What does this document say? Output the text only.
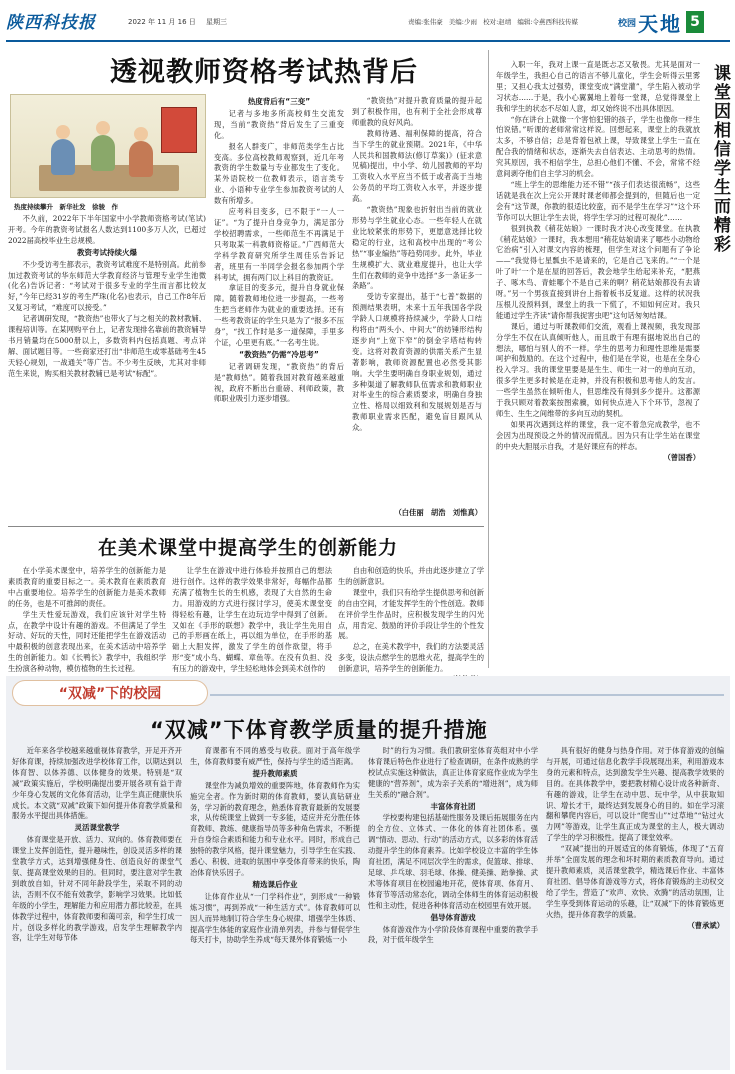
陕西科技报	2022 年 11 月 16 日 星期三	责编:张伟豪 美编:少雨 校对:赵靖 编辑:令燕西科技传媒	校园 天地 5
透视教师资格考试热背后
热度持续攀升　新华社发　徐骏　作

不久前，2022年下半年国家中小学教师资格考试(笔试)开考。今年的教资考试报名人数达到1100多万人次，已超过2022届高校毕业生总规模。

教资考试持续火爆

不少受访考生都表示，教资考试难度不是特别高。此前参加过教资考试的华东师范大学教育经济与管理专业学生池微(化名)告诉记者：“考试对于很多专业的学生而言都比较友好，”今年已经31岁的考生严珠(化名)也表示，自己工作8年后又复习考试，“难度可以接受。”

记者调研发现，“教资热”也带火了与之相关的教材教辅、课程培训等。在某网购平台上，记者发现排名靠前的教资辅导书月销量均在5000册以上，多数资料内包括真题、考点详解、面试题目等。一些商家还打出“非师范生或零基础考生45天轻心规划，一战通关”等广告。不少考生反映，尤其对非师范生来说，购买相关教材教辅已是考试“标配”。

热度背后有“三变”

记者与多地多所高校师生交流发现，当前“教资热”背后发生了三重变化。

报名人群变广，非师范类学生占比变高。多位高校教师观察到，近几年考教资的学生数量与专业都发生了变化。某外语院校一位教师表示，语言类专业、小语种专业学生参加教资考试的人数有所增多。

应考科目变多，已不限于“一人一证”。“为了提升自身竞争力，满足部分学校招聘需求，一些师范生不再满足于只考取某一科教师资格证。”广西师范大学科学教育研究所学生周佳乐告诉记者，班里有一半同学会报名参加两个学科考试，拥有两门以上科目的教资证。

拿证目的变多元，提升自身就业保障。随着教师地位进一步提高，一些考生把当老师作为就业的重要选择。还有一些考教资证的学生只是为了“报多不压身”，“找工作时是多一道保障，手里多个证，心里更有底。”一名考生说。

“教资热”仍需“冷思考”

记者调研发现，“教资热”的背后是“教师热”。随着我国对教育越来越重视，政府不断出台重磅、利师政策，教师职业吸引力逐步增强。

“教资热”对提升教育质量的提升起到了积极作用，也有利于全社会形成尊师重教的良好风尚。

教师待遇、福利保障的提高，符合当下学生的就业预期。2021年，《中华人民共和国教师法(修订草案)》(征求意见稿)提出，中小学、幼儿园教师的平均工资收入水平应当不低于或者高于当地公务员的平均工资收入水平，并逐步提高。

“教资热”现象也折射出当前的就业形势与学生就业心态。一些年轻人在就业比较紧张的形势下，更愿意选择比较稳定的行业，这和高校中出现的“考公热”“事业编热”等趋势同步。此外，毕业生规模扩大、就业难度提升，也让大学生们在教师的竞争中选择“多一条证多一条路”。

受访专家提出，基于“七普”数据的预测结果表明，未来十五年我国各学段学龄人口规模将持续减少，学龄人口结构将由“两头小、中间大”的纺锤形结构逐步向“上宽下窄”的倒金字塔结构转变。这将对教育资源的供需关系产生显著影响，教师资源配置也必然受其影响。大学生要明确自身职业规划，通过多种渠道了解教师队伍需求和教师职业对毕业生的综合素质要求，明确自身独立性、格局以细致利和发展规划是否与教师职业需求匹配，避免盲目跟风从众。

（白佳丽　胡浩　刘惟真）

课堂因相信学生而精彩

入职一年，我对上课一直是既忐忑又敬畏。尤其是面对一年级学生，我担心自己的语言不够儿童化，学生会听得云里雾里；又担心我太过强势，课堂变成“满堂灌”，学生陷入被动学习状态……于是，我小心翼翼地上着每一堂课，总觉得课堂上我和学生的状态不尽如人意，却又始终说不出具体原因。

“你在讲台上就像一个害怕犯错的孩子，学生也像你一样生怕说错。”听课的老师常常这样说。回想起来，课堂上的我就放太多，不够自信；总是背着包袱上课，导致课堂上学生一直在配合我的情绪和状态，逐渐失去自信表达、主动思考的热情。究其原因，我不相信学生，总担心他们不懂、不会，常常不经意间剥夺他们自主学习的机会。

“班上学生的思维能力还不错”“孩子们表达很流畅”，这些话就是我在次上完公开课时课老师都会提到的，但随后也一定会有“这节课，你教的很适比较蛮，而不是学生在学习”“这个环节你可以大胆让学生去说，将学生学习的过程可视化”……

很到执教《稍花姑娘》一课时我才决心改变课堂。在执教《稍花姑娘》一课时，我本想用“稍花姑娘请来了哪些小动物给它治病”引入对课文内容的梳理，但学生对这个问题有了争论——“我觉得七星瓢虫不是请来的，它是自己飞来的。”“一个是叶了叶‘一个是在屋的回答后，教会地学生给起来补充，“肥燕子、啄木鸟、青蛙哪个不是自己来的啊？稍花姑娘都没有去请呀。”另一个男孩直接到讲台上指着板书反复道。这样的状况我压根儿没预料到，课堂上的我一下慌了，不知如何应对。我只能通过学生齐读“请你帮我捉害虫吧”这句话匆匆结课。

课后，通过与听课教师们交流，观看上课视频，我发现部分学生不仅在认真倾听他人，而且敢于有理有据地说出自己的想法，哪怕与别人的不一样。学生的思考力和理性思维是需要呵护和鼓励的。在这个过程中，他们是在学说，也是在全身心投入学习。我的课堂里要是是生生、师生一对一的单向互动，很多学生更多时候是在走神，并没有积极和思考他人的发言。一些学生虽然在倾听他人，但思维没有得到多少提升。这都源于我只顾对着教案按图索骥，如何快点进入下个环节，忽视了师生、生生之间维带的多向互动的契机。

如果再次遇到这样的课堂，我一定不着急完成教学，也不会因为出现预设之外的情况而慌乱。因为只有让学生站在课堂的中央大胆展示自我，才是好课应有的样态。

（曾国香）

在美术课堂中提高学生的创新能力

在小学美术课堂中，培养学生的创新能力是素质教育的重要目标之一。美术教育在素质教育中占重要地位。培养学生的创新能力是美术教师的任务，也是不可推卸的责任。

学生天性爱玩游戏，我们应该针对学生特点，在教学中设计有趣的游戏。不但满足了学生好动、好玩的天性，同时还能把学生在游戏活动中最积极的创意表现出来，在美术活动中培养学生的创新能力。如《长鸭长》教学中，我组织学生扮演各种动物，模仿植物的生长过程。

让学生在游戏中进行体验并按照自己的想法进行创作。这样的教学效果非常好，每幅作品都充满了植物生长的生机感，表现了大自然的生命力。用游戏的方式进行探讨学习，使美术课堂变得轻松有趣，让学生在边玩边学中得到了创新。又如在《手形的联想》教学中，我让学生先用自己的手形画在纸上，再以组为单位，在手形的基础上大胆发挥，激发了学生的创作欲望，将手形“变”成小鸟、蝴蝶、章鱼等。在没有负担、没有压力的游戏中，学生轻松地体会到美术创作的

自由和创造的快乐，并由此逐步建立了学生的创新意识。

课堂中，我们只有给学生提供思考和创新的自由空间，才能发挥学生的个性创造。教师在评价学生作品时，应积极发现学生的闪光点，用肯定、鼓励的评价手段让学生的个性发展。

总之，在美术教学中，我们的方法要灵活多变，设法点燃学生的思维火花，提高学生的创新意识，培养学生的创新能力。

“双减”下的校园
“双减”下体育教学质量的提升措施

近年来各学校越来越重视体育教学，开足开齐开好体育课，持续加强改进学校体育工作，以期达到以体育智、以体养德、以体健身的效果。特别是“双减”政策实施后，学校明确提出要开展各项有益于青少年身心发展的文化体育活动，让学生真正健康快乐成长。本文就“双减”政策下如何提升体育教学质量和服务水平提出具体措施。

灵活课堂教学

体育课堂是开放、活力、双向的。体育教师要在课堂上发挥创造性，提升趣味性，创设灵活多样的课堂教学方式，达到增强健身性、创造良好的课堂气氛、提高课堂效果的目的。但同时，要注意对学生教到敢放自如，针对不同年龄段学生，采取不同的动法，否则不仅不能有效教学，影响学习效果。比如低年级的小学生，理解能力和应用潜力都比较差，在具体教学过程中，体育教师要和蔼可亲，和学生打成一片，创设多样化的教学游戏，启发学生理解教学内容，让学生对每节体

育课都有不同的感受与收获。面对于高年级学生，体育教师要有威严性，保持与学生的适当距离。

提升教师素质

课堂作为减负增效的重要阵地，体育教师作为实施完全者。作为新时期的体育教师，要认真钻研业务，学习新的教育理念，熟悉体育教育最新的发展要求，从传统课堂上做到一专多能，适应并充分胜任体育教师、教练、健康指导员等多种角色需求，不断提升自身综合素质和能力和专业水平。同时，形成自己独特的教学风格，提升课堂魅力，引导学生在实践、悉心、积极、进取的氛围中享受体育带来的快乐，陶冶体育快乐因子。

精选课后作业

让体育作业从“一门学科作业”，到形成“一种锻炼习惯”，再到养成“一种生活方式”。体育教师可以因人而异地制订符合学生身心规律、增强学生体质、提高学生体能的家庭作业清单列表，并参与督促学生每天打卡，协助学生养成“每天课外体育锻炼一小

时”的行为习惯。我们教研室体育英组对中小学体育课后特色作业进行了检查调研，在条件成熟的学校试点实施这种做法，真正让体育家庭作业成为学生健康的“营养剂”，成为亲子关系的“增进剂”，成为师生关系的“融合剂”。

丰富体育社团

学校要构建包括基础性服务及课后拓展服务在内的全方位、立体式、一体化的体育社团体系。强调“情动、思动、行动”的活动方式，以多彩的体育活动提升学生的体育素养。比如学校设立丰富的学生体育社团，满足不同层次学生的需求，促篮球、排球、足球、乒乓球、羽毛球、体操、健美操、跆拳操、武术等体育项目在校园遍地开花，使体育项、体育月、体育节等活动常态化，调动全体师生的体育运动积极性和主动性，促进各种体育活动在校园里有效开展。

倡导体育游戏

体育游戏作为小学阶段体育课程中重要的教学手段，对于低年级学生

具有很好的健身与热身作用。对于体育游戏的创编与开展，可通过信息化教学手段展现出来，利用游戏本身的元素和特点，达到激发学生兴趣、提高教学效果的目的。在具体教学中，要把教材精心设计成各种新奇、有趣的游戏，让学生在动中思、玩中学，从中获取知识、增长才干，最终达到发展身心的目的。如在学习滚翻和攀爬内容后，可以设计“爬雪山”“过草地”“钻过火力网”等游戏，让学生真正成为课堂的主人，极大调动了学生的学习积极性。提高了课堂效率。

“双减”提出的开展适宜的体育锻炼，体现了“五育并举”全面发展的理念和坏时期的素质教育导向。通过提升教师素质，灵活课堂教学，精选课后作业、丰富体育社团、倡导体育游戏等方式，将体育锻炼的主动权交给了学生，营造了“欢声、欢快、欢腾”的活动氛围，让学生享受到体育运动的乐趣，让“双减”下的体育锻炼更火热，提升体育教学的质量。

（曹承斌）
